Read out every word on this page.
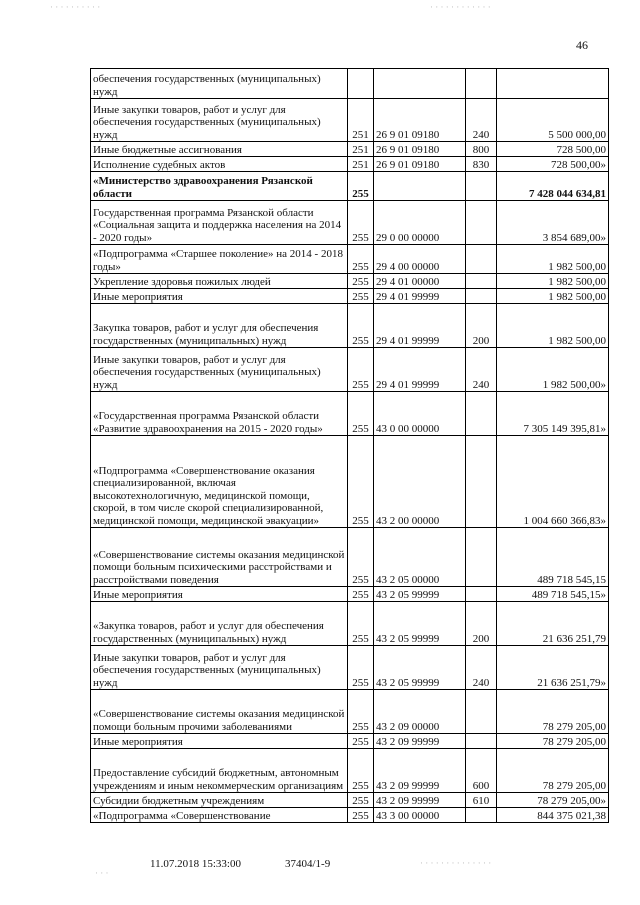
46
обеспечения государственных (муниципальных) нужд				
Иные закупки товаров, работ и услуг для обеспечения государственных (муниципальных) нужд	251	26 9 01 09180	240	5 500 000,00
Иные бюджетные ассигнования	251	26 9 01 09180	800	728 500,00
Исполнение судебных актов	251	26 9 01 09180	830	728 500,00»
«Министерство здравоохранения Рязанской области	255			7 428 044 634,81
Государственная программа Рязанской области «Социальная защита и поддержка населения на 2014 - 2020 годы»	255	29 0 00 00000		3 854 689,00»
«Подпрограмма «Старшее поколение» на 2014 - 2018 годы»	255	29 4 00 00000		1 982 500,00
Укрепление здоровья пожилых людей	255	29 4 01 00000		1 982 500,00
Иные мероприятия	255	29 4 01 99999		1 982 500,00
Закупка товаров, работ и услуг для обеспечения государственных (муниципальных) нужд	255	29 4 01 99999	200	1 982 500,00
Иные закупки товаров, работ и услуг для обеспечения государственных (муниципальных) нужд	255	29 4 01 99999	240	1 982 500,00»
«Государственная программа Рязанской области «Развитие здравоохранения на 2015 - 2020 годы»	255	43 0 00 00000		7 305 149 395,81»
«Подпрограмма «Совершенствование оказания специализированной, включая высокотехнологичную, медицинской помощи, скорой, в том числе скорой специализированной, медицинской помощи, медицинской эвакуации»	255	43 2 00 00000		1 004 660 366,83»
«Совершенствование системы оказания медицинской помощи больным психическими расстройствами и расстройствами поведения	255	43 2 05 00000		489 718 545,15
Иные мероприятия	255	43 2 05 99999		489 718 545,15»
«Закупка товаров, работ и услуг для обеспечения государственных (муниципальных) нужд	255	43 2 05 99999	200	21 636 251,79
Иные закупки товаров, работ и услуг для обеспечения государственных (муниципальных) нужд	255	43 2 05 99999	240	21 636 251,79»
«Совершенствование системы оказания медицинской помощи больным прочими заболеваниями	255	43 2 09 00000		78 279 205,00
Иные мероприятия	255	43 2 09 99999		78 279 205,00
Предоставление субсидий бюджетным, автономным учреждениям и иным некоммерческим организациям	255	43 2 09 99999	600	78 279 205,00
Субсидии бюджетным учреждениям	255	43 2 09 99999	610	78 279 205,00»
«Подпрограмма «Совершенствование	255	43 3 00 00000		844 375 021,38
11.07.2018 15:33:00	37404/1-9
· · · · · · · · · ·	· · · · · · · · · · · ·
· · · · · · · · · · · · · ·
· · ·
